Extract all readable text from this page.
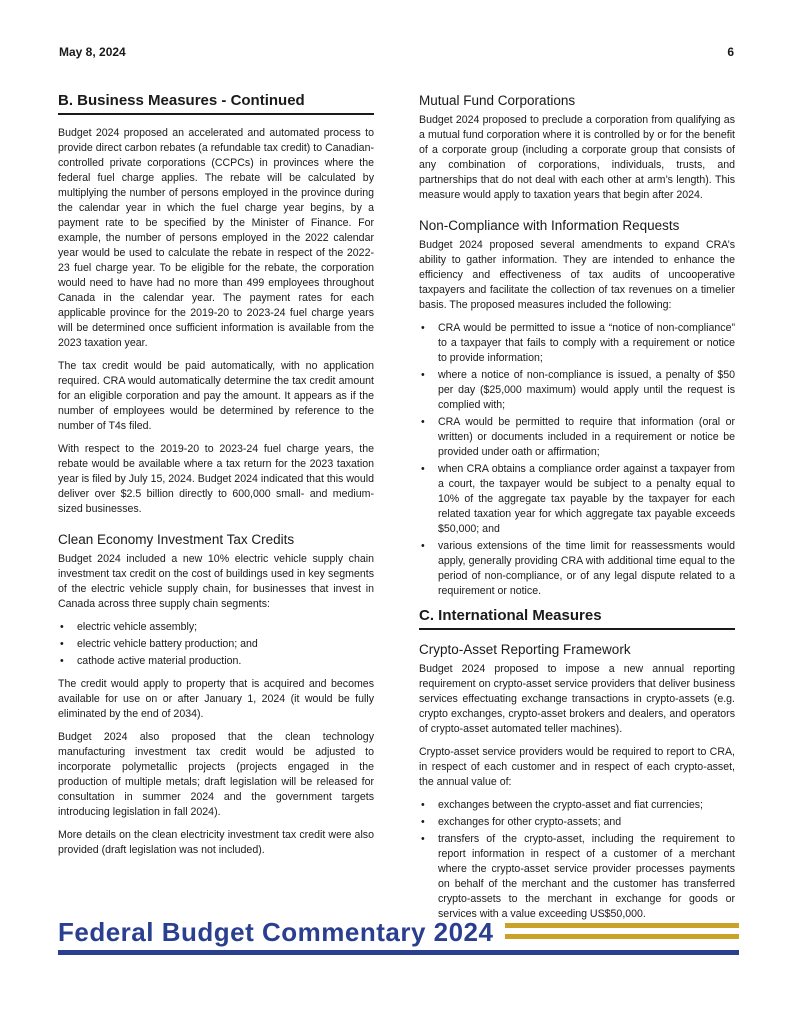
May 8, 2024	6
B. Business Measures - Continued

Budget 2024 proposed an accelerated and automated process to provide direct carbon rebates (a refundable tax credit) to Canadian-controlled private corporations (CCPCs) in provinces where the federal fuel charge applies. The rebate will be calculated by multiplying the number of persons employed in the province during the calendar year in which the fuel charge year begins, by a payment rate to be specified by the Minister of Finance. For example, the number of persons employed in the 2022 calendar year would be used to calculate the rebate in respect of the 2022-23 fuel charge year. To be eligible for the rebate, the corporation would need to have had no more than 499 employees throughout Canada in the calendar year. The payment rates for each applicable province for the 2019-20 to 2023-24 fuel charge years will be determined once sufficient information is available from the 2023 taxation year.

The tax credit would be paid automatically, with no application required. CRA would automatically determine the tax credit amount for an eligible corporation and pay the amount. It appears as if the number of employees would be determined by reference to the number of T4s filed.

With respect to the 2019-20 to 2023-24 fuel charge years, the rebate would be available where a tax return for the 2023 taxation year is filed by July 15, 2024. Budget 2024 indicated that this would deliver over $2.5 billion directly to 600,000 small- and medium-sized businesses.

Clean Economy Investment Tax Credits

Budget 2024 included a new 10% electric vehicle supply chain investment tax credit on the cost of buildings used in key segments of the electric vehicle supply chain, for businesses that invest in Canada across three supply chain segments:

• electric vehicle assembly;
• electric vehicle battery production; and
• cathode active material production.

The credit would apply to property that is acquired and becomes available for use on or after January 1, 2024 (it would be fully eliminated by the end of 2034).

Budget 2024 also proposed that the clean technology manufacturing investment tax credit would be adjusted to incorporate polymetallic projects (projects engaged in the production of multiple metals; draft legislation will be released for consultation in summer 2024 and the government targets introducing legislation in fall 2024).

More details on the clean electricity investment tax credit were also provided (draft legislation was not included).

Mutual Fund Corporations

Budget 2024 proposed to preclude a corporation from qualifying as a mutual fund corporation where it is controlled by or for the benefit of a corporate group (including a corporate group that consists of any combination of corporations, individuals, trusts, and partnerships that do not deal with each other at arm’s length). This measure would apply to taxation years that begin after 2024.

Non-Compliance with Information Requests

Budget 2024 proposed several amendments to expand CRA’s ability to gather information. They are intended to enhance the efficiency and effectiveness of tax audits of uncooperative taxpayers and facilitate the collection of tax revenues on a timelier basis. The proposed measures included the following:

• CRA would be permitted to issue a “notice of non-compliance” to a taxpayer that fails to comply with a requirement or notice to provide information;
• where a notice of non-compliance is issued, a penalty of $50 per day ($25,000 maximum) would apply until the request is complied with;
• CRA would be permitted to require that information (oral or written) or documents included in a requirement or notice be provided under oath or affirmation;
• when CRA obtains a compliance order against a taxpayer from a court, the taxpayer would be subject to a penalty equal to 10% of the aggregate tax payable by the taxpayer for each related taxation year for which aggregate tax payable exceeds $50,000; and
• various extensions of the time limit for reassessments would apply, generally providing CRA with additional time equal to the period of non-compliance, or of any legal dispute related to a requirement or notice.
C. International Measures
Crypto-Asset Reporting Framework

Budget 2024 proposed to impose a new annual reporting requirement on crypto-asset service providers that deliver business services effectuating exchange transactions in crypto-assets (e.g. crypto exchanges, crypto-asset brokers and dealers, and operators of crypto-asset automated teller machines).

Crypto-asset service providers would be required to report to CRA, in respect of each customer and in respect of each crypto-asset, the annual value of:

• exchanges between the crypto-asset and fiat currencies;
• exchanges for other crypto-assets; and
• transfers of the crypto-asset, including the requirement to report information in respect of a customer of a merchant where the crypto-asset service provider processes payments on behalf of the merchant and the customer has transferred crypto-assets to the merchant in exchange for goods or services with a value exceeding US$50,000.
Federal Budget Commentary 2024
